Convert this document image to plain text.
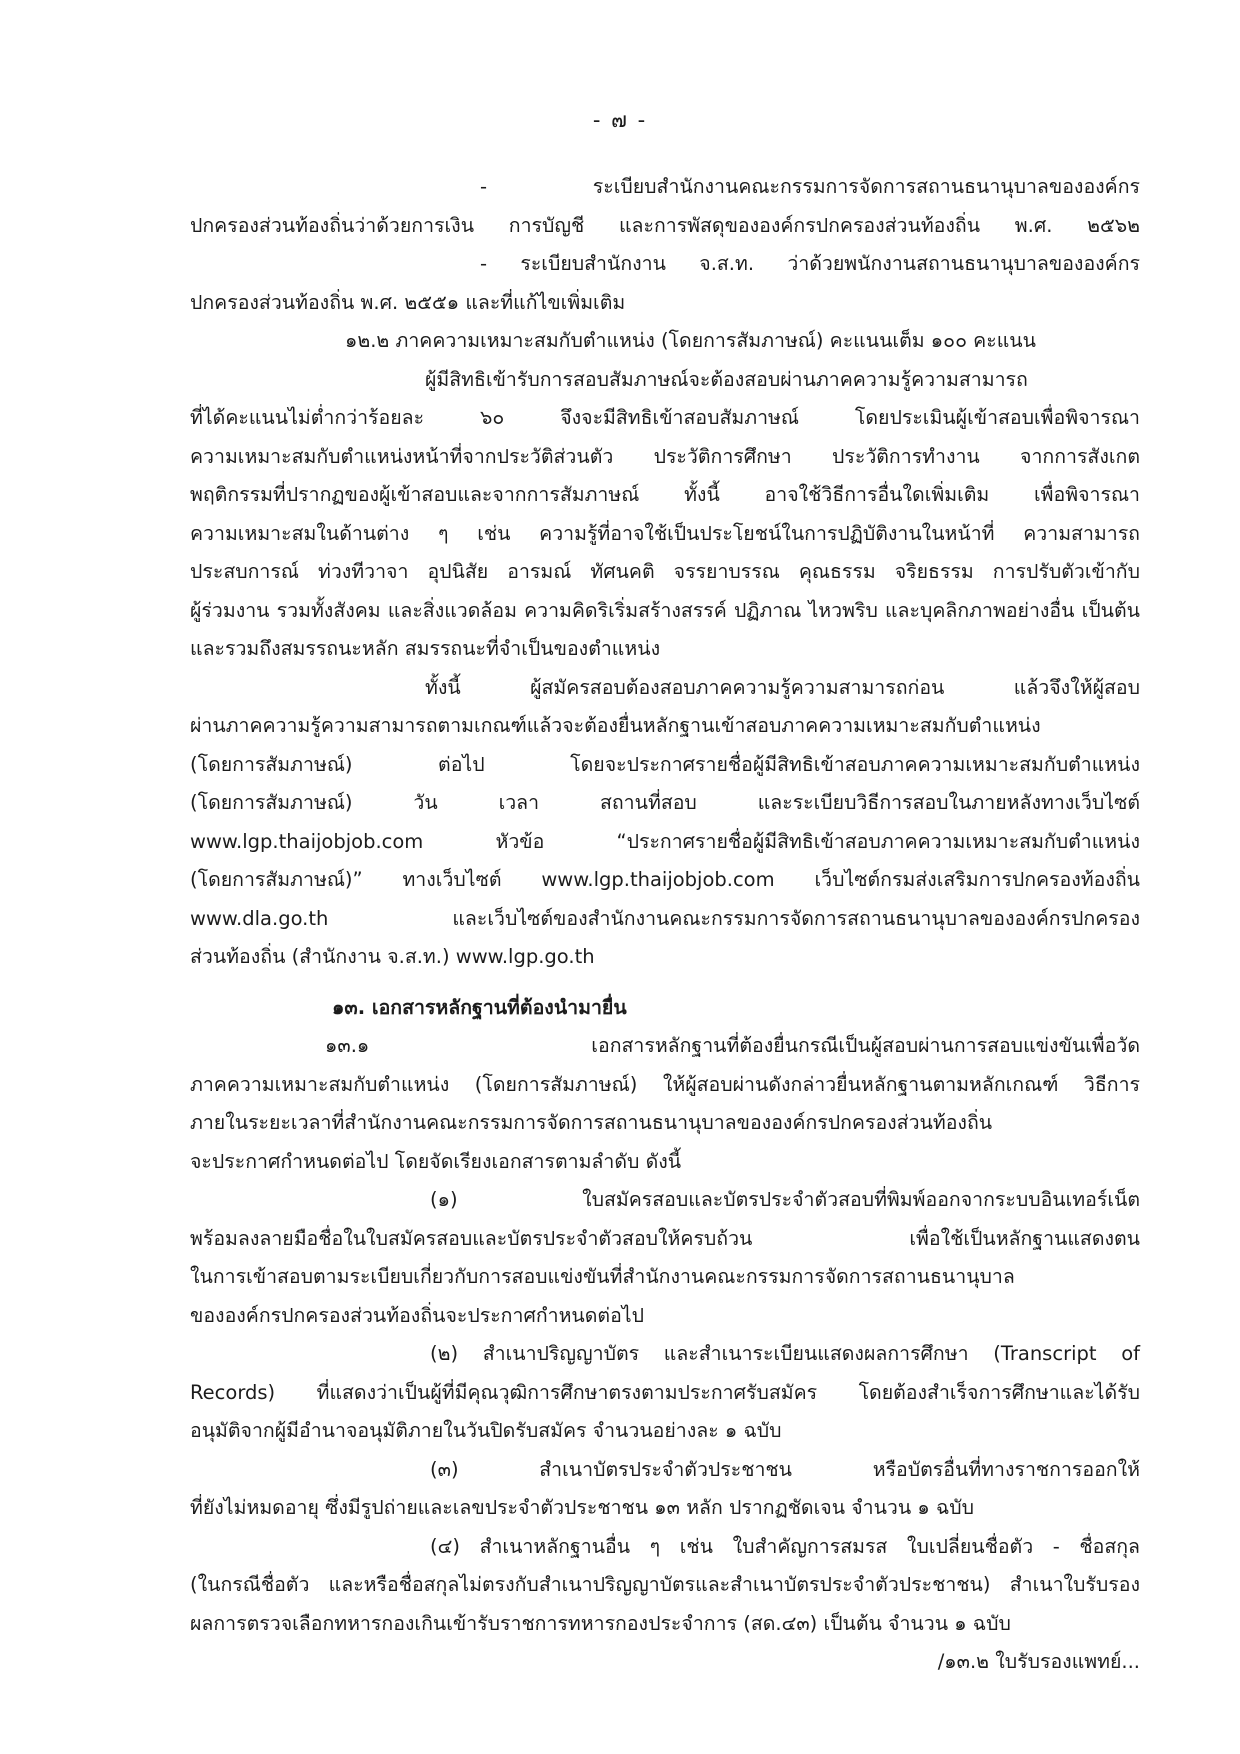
- ๗ -

- ระเบียบสำนักงานคณะกรรมการจัดการสถานธนานุบาลขององค์กร

ปกครองส่วนท้องถิ่นว่าด้วยการเงิน การบัญชี และการพัสดุขององค์กรปกครองส่วนท้องถิ่น พ.ศ. ๒๕๖๒

- ระเบียบสำนักงาน จ.ส.ท. ว่าด้วยพนักงานสถานธนานุบาลขององค์กร

ปกครองส่วนท้องถิ่น พ.ศ. ๒๕๕๑ และที่แก้ไขเพิ่มเติม

๑๒.๒ ภาคความเหมาะสมกับตำแหน่ง (โดยการสัมภาษณ์) คะแนนเต็ม ๑๐๐ คะแนน

ผู้มีสิทธิเข้ารับการสอบสัมภาษณ์จะต้องสอบผ่านภาคความรู้ความสามารถ

ที่ได้คะแนนไม่ต่ำกว่าร้อยละ ๖๐ จึงจะมีสิทธิเข้าสอบสัมภาษณ์ โดยประเมินผู้เข้าสอบเพื่อพิจารณา

ความเหมาะสมกับตำแหน่งหน้าที่จากประวัติส่วนตัว ประวัติการศึกษา ประวัติการทำงาน จากการสังเกต

พฤติกรรมที่ปรากฏของผู้เข้าสอบและจากการสัมภาษณ์ ทั้งนี้ อาจใช้วิธีการอื่นใดเพิ่มเติม เพื่อพิจารณา

ความเหมาะสมในด้านต่าง ๆ เช่น ความรู้ที่อาจใช้เป็นประโยชน์ในการปฏิบัติงานในหน้าที่ ความสามารถ

ประสบการณ์ ท่วงทีวาจา อุปนิสัย อารมณ์ ทัศนคติ จรรยาบรรณ คุณธรรม จริยธรรม การปรับตัวเข้ากับ

ผู้ร่วมงาน รวมทั้งสังคม และสิ่งแวดล้อม ความคิดริเริ่มสร้างสรรค์ ปฏิภาณ ไหวพริบ และบุคลิกภาพอย่างอื่น เป็นต้น

และรวมถึงสมรรถนะหลัก สมรรถนะที่จำเป็นของตำแหน่ง

ทั้งนี้ ผู้สมัครสอบต้องสอบภาคความรู้ความสามารถก่อน แล้วจึงให้ผู้สอบ

ผ่านภาคความรู้ความสามารถตามเกณฑ์แล้วจะต้องยื่นหลักฐานเข้าสอบภาคความเหมาะสมกับตำแหน่ง

(โดยการสัมภาษณ์) ต่อไป โดยจะประกาศรายชื่อผู้มีสิทธิเข้าสอบภาคความเหมาะสมกับตำแหน่ง

(โดยการสัมภาษณ์) วัน เวลา สถานที่สอบ และระเบียบวิธีการสอบในภายหลังทางเว็บไซต์

www.lgp.thaijobjob.com หัวข้อ “ประกาศรายชื่อผู้มีสิทธิเข้าสอบภาคความเหมาะสมกับตำแหน่ง

(โดยการสัมภาษณ์)” ทางเว็บไซต์ www.lgp.thaijobjob.com เว็บไซต์กรมส่งเสริมการปกครองท้องถิ่น

www.dla.go.th และเว็บไซต์ของสำนักงานคณะกรรมการจัดการสถานธนานุบาลขององค์กรปกครอง

ส่วนท้องถิ่น (สำนักงาน จ.ส.ท.) www.lgp.go.th

๑๓. เอกสารหลักฐานที่ต้องนำมายื่น

๑๓.๑ เอกสารหลักฐานที่ต้องยื่นกรณีเป็นผู้สอบผ่านการสอบแข่งขันเพื่อวัด

ภาคความเหมาะสมกับตำแหน่ง (โดยการสัมภาษณ์) ให้ผู้สอบผ่านดังกล่าวยื่นหลักฐานตามหลักเกณฑ์ วิธีการ

ภายในระยะเวลาที่สำนักงานคณะกรรมการจัดการสถานธนานุบาลขององค์กรปกครองส่วนท้องถิ่น

จะประกาศกำหนดต่อไป โดยจัดเรียงเอกสารตามลำดับ ดังนี้

(๑) ใบสมัครสอบและบัตรประจำตัวสอบที่พิมพ์ออกจากระบบอินเทอร์เน็ต

พร้อมลงลายมือชื่อในใบสมัครสอบและบัตรประจำตัวสอบให้ครบถ้วน เพื่อใช้เป็นหลักฐานแสดงตน

ในการเข้าสอบตามระเบียบเกี่ยวกับการสอบแข่งขันที่สำนักงานคณะกรรมการจัดการสถานธนานุบาล

ขององค์กรปกครองส่วนท้องถิ่นจะประกาศกำหนดต่อไป

(๒) สำเนาปริญญาบัตร และสำเนาระเบียนแสดงผลการศึกษา (Transcript of

Records) ที่แสดงว่าเป็นผู้ที่มีคุณวุฒิการศึกษาตรงตามประกาศรับสมัคร โดยต้องสำเร็จการศึกษาและได้รับ

อนุมัติจากผู้มีอำนาจอนุมัติภายในวันปิดรับสมัคร จำนวนอย่างละ ๑ ฉบับ

(๓) สำเนาบัตรประจำตัวประชาชน หรือบัตรอื่นที่ทางราชการออกให้

ที่ยังไม่หมดอายุ ซึ่งมีรูปถ่ายและเลขประจำตัวประชาชน ๑๓ หลัก ปรากฏชัดเจน จำนวน ๑ ฉบับ

(๔) สำเนาหลักฐานอื่น ๆ เช่น ใบสำคัญการสมรส ใบเปลี่ยนชื่อตัว - ชื่อสกุล

(ในกรณีชื่อตัว และหรือชื่อสกุลไม่ตรงกับสำเนาปริญญาบัตรและสำเนาบัตรประจำตัวประชาชน) สำเนาใบรับรอง

ผลการตรวจเลือกทหารกองเกินเข้ารับราชการทหารกองประจำการ (สด.๔๓) เป็นต้น จำนวน ๑ ฉบับ

/๑๓.๒ ใบรับรองแพทย์...
